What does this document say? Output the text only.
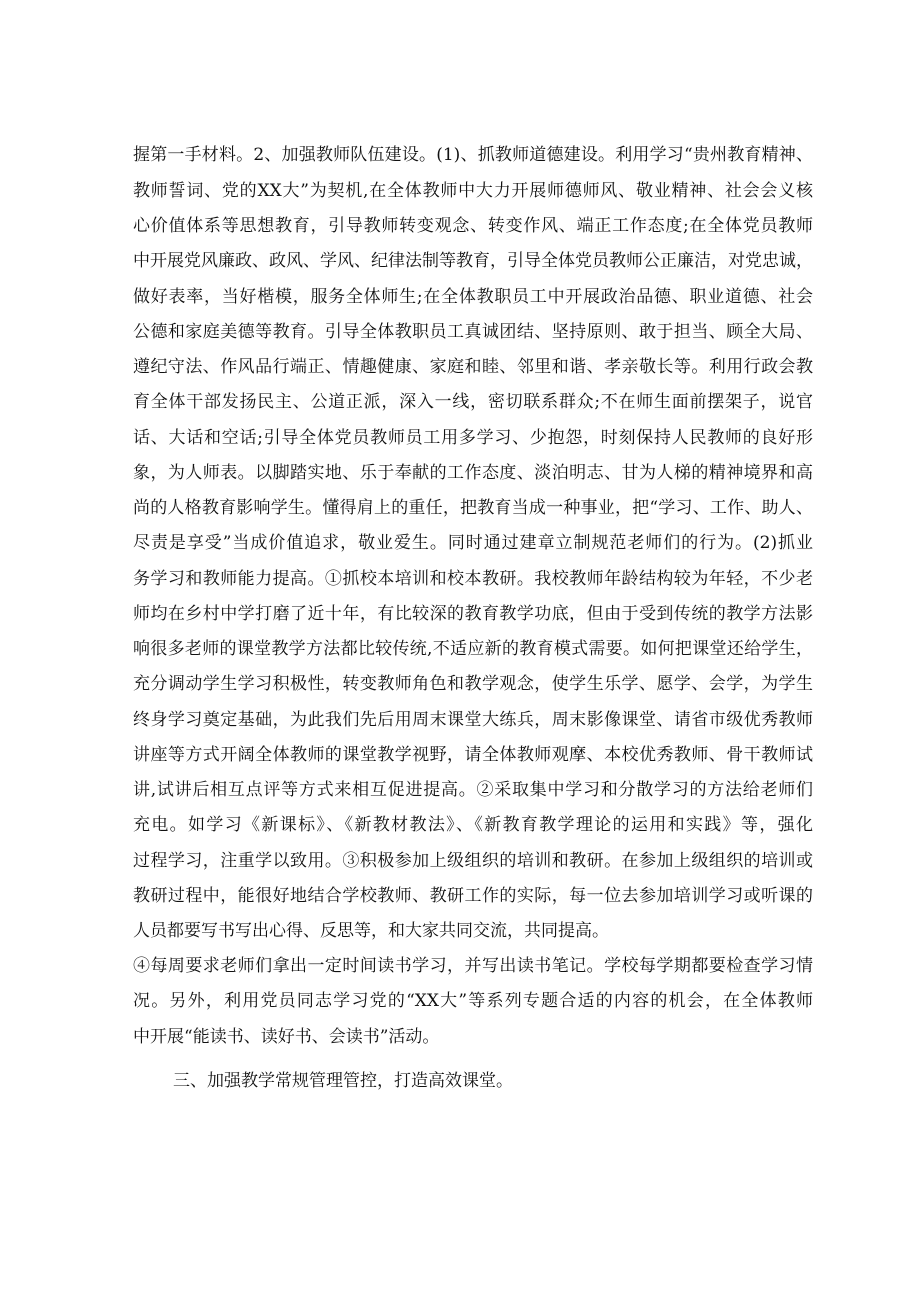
握第一手材料。2、加强教师队伍建设。(1)、抓教师道德建设。利用学习“贵州教育精神、
教师誓词、党的XX大”为契机,在全体教师中大力开展师德师风、敬业精神、社会会义核
心价值体系等思想教育，引导教师转变观念、转变作风、端正工作态度;在全体党员教师
中开展党风廉政、政风、学风、纪律法制等教育，引导全体党员教师公正廉洁，对党忠诚，
做好表率，当好楷模，服务全体师生;在全体教职员工中开展政治品德、职业道德、社会
公德和家庭美德等教育。引导全体教职员工真诚团结、坚持原则、敢于担当、顾全大局、
遵纪守法、作风品行端正、情趣健康、家庭和睦、邻里和谐、孝亲敬长等。利用行政会教
育全体干部发扬民主、公道正派，深入一线，密切联系群众;不在师生面前摆架子，说官
话、大话和空话;引导全体党员教师员工用多学习、少抱怨，时刻保持人民教师的良好形
象，为人师表。以脚踏实地、乐于奉献的工作态度、淡泊明志、甘为人梯的精神境界和高
尚的人格教育影响学生。懂得肩上的重任，把教育当成一种事业，把“学习、工作、助人、
尽责是享受”当成价值追求，敬业爱生。同时通过建章立制规范老师们的行为。(2)抓业
务学习和教师能力提高。①抓校本培训和校本教研。我校教师年龄结构较为年轻，不少老
师均在乡村中学打磨了近十年，有比较深的教育教学功底，但由于受到传统的教学方法影
响很多老师的课堂教学方法都比较传统,不适应新的教育模式需要。如何把课堂还给学生，
充分调动学生学习积极性，转变教师角色和教学观念，使学生乐学、愿学、会学，为学生
终身学习奠定基础，为此我们先后用周末课堂大练兵，周末影像课堂、请省市级优秀教师
讲座等方式开阔全体教师的课堂教学视野，请全体教师观摩、本校优秀教师、骨干教师试
讲,试讲后相互点评等方式来相互促进提高。②采取集中学习和分散学习的方法给老师们
充电。如学习《新课标》、《新教材教法》、《新教育教学理论的运用和实践》等，强化
过程学习，注重学以致用。③积极参加上级组织的培训和教研。在参加上级组织的培训或
教研过程中，能很好地结合学校教师、教研工作的实际，每一位去参加培训学习或听课的
人员都要写书写出心得、反思等，和大家共同交流，共同提高。
④每周要求老师们拿出一定时间读书学习，并写出读书笔记。学校每学期都要检查学习情
况。另外，利用党员同志学习党的“XX大”等系列专题合适的内容的机会，在全体教师
中开展“能读书、读好书、会读书”活动。
三、加强教学常规管理管控，打造高效课堂。
